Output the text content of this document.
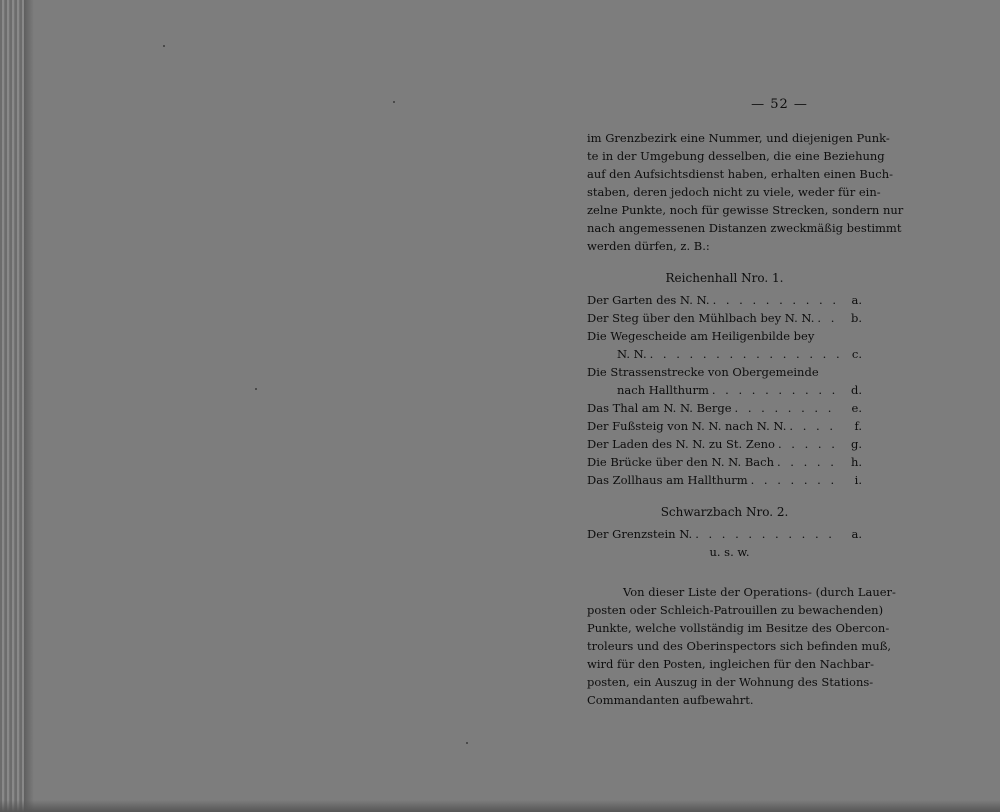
— 52 —

im Grenzbezirk eine Nummer, und diejenigen Punk-

te in der Umgebung desselben, die eine Beziehung

auf den Aufsichtsdienst haben, erhalten einen Buch-

staben, deren jedoch nicht zu viele, weder für ein-

zelne Punkte, noch für gewisse Strecken, sondern nur

nach angemessenen Distanzen zweckmäßig bestimmt

werden dürfen, z. B.:

Reichenhall Nro. 1.
Der Garten des N. N. . . .	a.
Der Steg über den Mühlbach bey N. N. . . .	b.
Die Wegescheide am Heiligenbilde bey
N. N. . . .	c.
Die Strassenstrecke von Obergemeinde
nach Hallthurm . . .	d.
Das Thal am N. N. Berge . . .	e.
Der Fußsteig von N. N. nach N. N. . . .	f.
Der Laden des N. N. zu St. Zeno . . .	g.
Die Brücke über den N. N. Bach . . .	h.
Das Zollhaus am Hallthurm . . .	i.
Schwarzbach Nro. 2.
Der Grenzstein N. . . .	a.
u. s. w.

Von dieser Liste der Operations- (durch Lauer-

posten oder Schleich-Patrouillen zu bewachenden)

Punkte, welche vollständig im Besitze des Obercon-

troleurs und des Oberinspectors sich befinden muß,

wird für den Posten, ingleichen für den Nachbar-

posten, ein Auszug in der Wohnung des Stations-

Commandanten aufbewahrt.
